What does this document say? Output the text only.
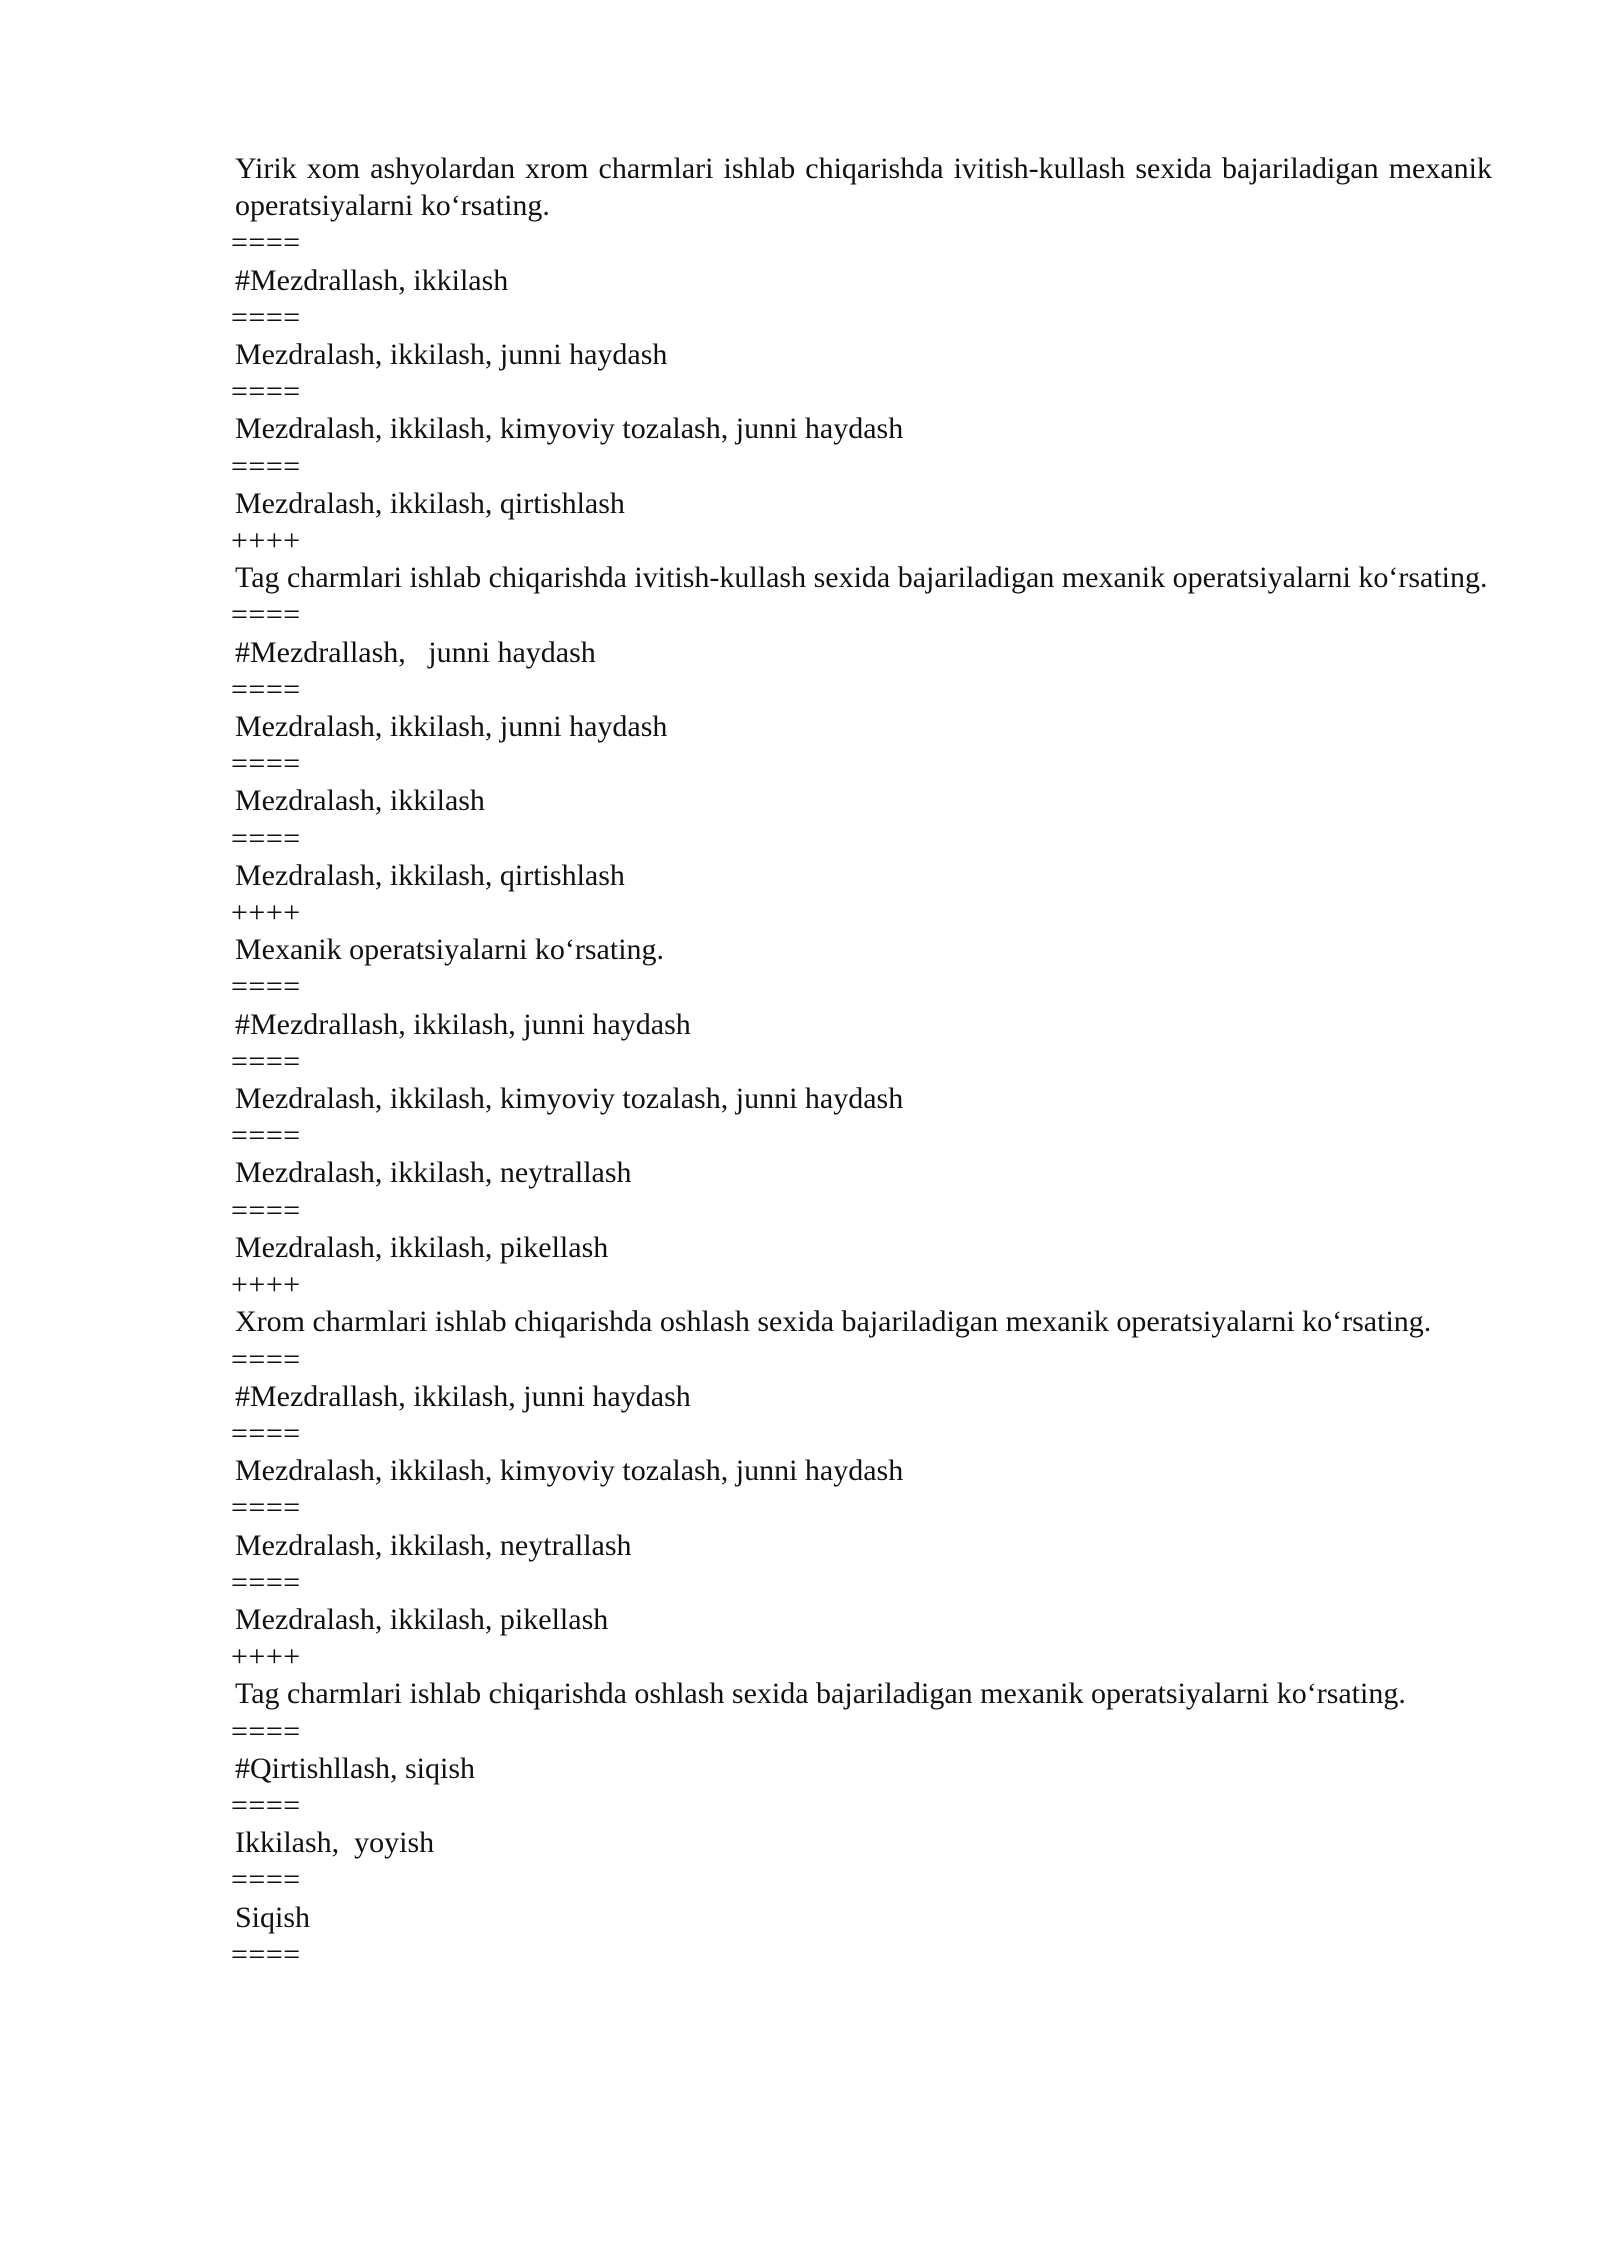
Yirik xom ashyolardan xrom charmlari ishlab chiqarishda ivitish-kullash sexida bajariladigan mexanik operatsiyalarni ko‘rsating.

====

#Mezdrallash, ikkilash

====

Mezdralash, ikkilash, junni haydash

====

Mezdralash, ikkilash, kimyoviy tozalash, junni haydash

====

Mezdralash, ikkilash, qirtishlash

++++

Tag charmlari ishlab chiqarishda ivitish-kullash sexida bajariladigan mexanik operatsiyalarni ko‘rsating.

====

#Mezdrallash,   junni haydash

====

Mezdralash, ikkilash, junni haydash

====

Mezdralash, ikkilash

====

Mezdralash, ikkilash, qirtishlash

++++

Mexanik operatsiyalarni ko‘rsating.

====

#Mezdrallash, ikkilash, junni haydash

====

Mezdralash, ikkilash, kimyoviy tozalash, junni haydash

====

Mezdralash, ikkilash, neytrallash

====

Mezdralash, ikkilash, pikellash

++++

Xrom charmlari ishlab chiqarishda oshlash sexida bajariladigan mexanik operatsiyalarni ko‘rsating.

====

#Mezdrallash, ikkilash, junni haydash

====

Mezdralash, ikkilash, kimyoviy tozalash, junni haydash

====

Mezdralash, ikkilash, neytrallash

====

Mezdralash, ikkilash, pikellash

++++

Tag charmlari ishlab chiqarishda oshlash sexida bajariladigan mexanik operatsiyalarni ko‘rsating.

====

#Qirtishllash, siqish

====

Ikkilash,  yoyish

====

Siqish

====
